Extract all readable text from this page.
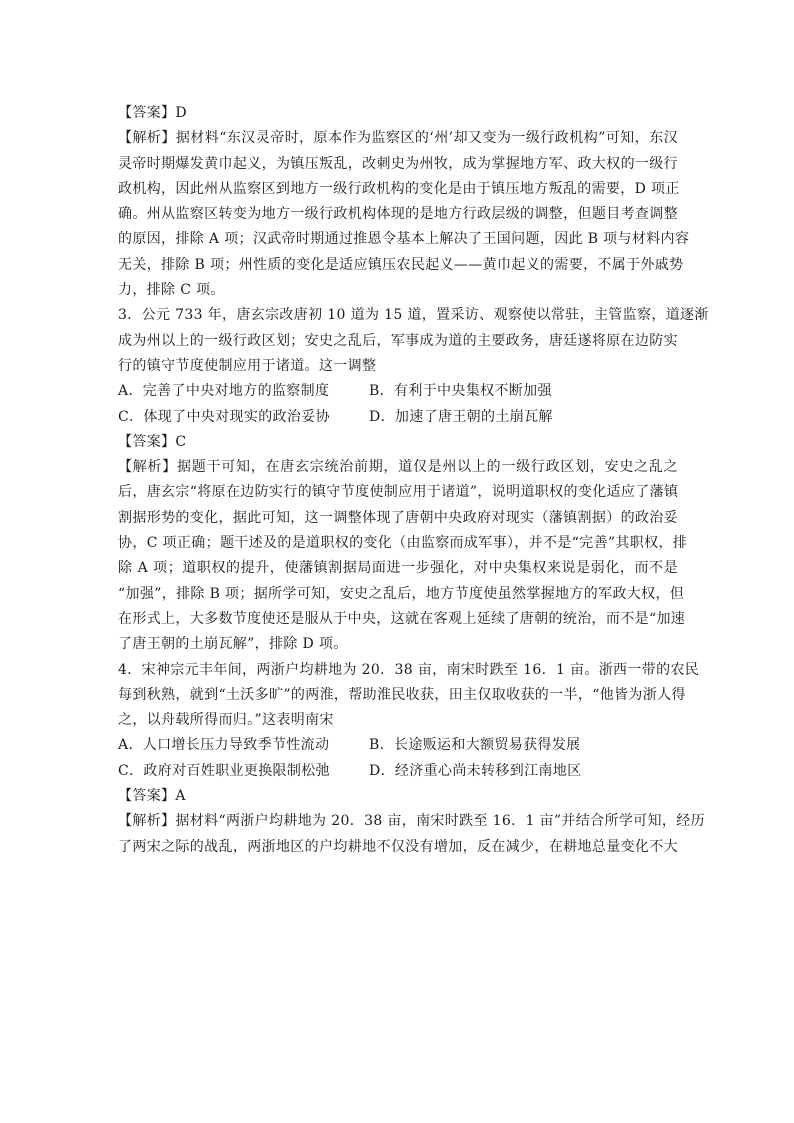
【答案】D
【解析】据材料“东汉灵帝时，原本作为监察区的‘州’却又变为一级行政机构”可知，东汉
灵帝时期爆发黄巾起义，为镇压叛乱，改刺史为州牧，成为掌握地方军、政大权的一级行
政机构，因此州从监察区到地方一级行政机构的变化是由于镇压地方叛乱的需要，D 项正
确。州从监察区转变为地方一级行政机构体现的是地方行政层级的调整，但题目考查调整
的原因，排除 A 项；汉武帝时期通过推恩令基本上解决了王国问题，因此 B 项与材料内容
无关，排除 B 项；州性质的变化是适应镇压农民起义——黄巾起义的需要，不属于外戚势
力，排除 C 项。
3．公元 733 年，唐玄宗改唐初 10 道为 15 道，置采访、观察使以常驻，主管监察，道逐渐
成为州以上的一级行政区划；安史之乱后，军事成为道的主要政务，唐廷遂将原在边防实
行的镇守节度使制应用于诸道。这一调整
A．完善了中央对地方的监察制度	B．有利于中央集权不断加强
C．体现了中央对现实的政治妥协	D．加速了唐王朝的土崩瓦解
【答案】C
【解析】据题干可知，在唐玄宗统治前期，道仅是州以上的一级行政区划，安史之乱之
后，唐玄宗“将原在边防实行的镇守节度使制应用于诸道”，说明道职权的变化适应了藩镇
割据形势的变化，据此可知，这一调整体现了唐朝中央政府对现实（藩镇割据）的政治妥
协，C 项正确；题干述及的是道职权的变化（由监察而成军事），并不是“完善”其职权，排
除 A 项；道职权的提升，使藩镇割据局面进一步强化，对中央集权来说是弱化，而不是
“加强”，排除 B 项；据所学可知，安史之乱后，地方节度使虽然掌握地方的军政大权，但
在形式上，大多数节度使还是服从于中央，这就在客观上延续了唐朝的统治，而不是“加速
了唐王朝的土崩瓦解”，排除 D 项。
4．宋神宗元丰年间，两浙户均耕地为 20．38 亩，南宋时跌至 16．1 亩。浙西一带的农民
每到秋熟，就到“土沃多旷”的两淮，帮助淮民收获，田主仅取收获的一半，“他皆为浙人得
之，以舟载所得而归。”这表明南宋
A．人口增长压力导致季节性流动	B．长途贩运和大额贸易获得发展
C．政府对百姓职业更换限制松弛	D．经济重心尚未转移到江南地区
【答案】A
【解析】据材料“两浙户均耕地为 20．38 亩，南宋时跌至 16．1 亩”并结合所学可知，经历
了两宋之际的战乱，两浙地区的户均耕地不仅没有增加，反在减少，在耕地总量变化不大
